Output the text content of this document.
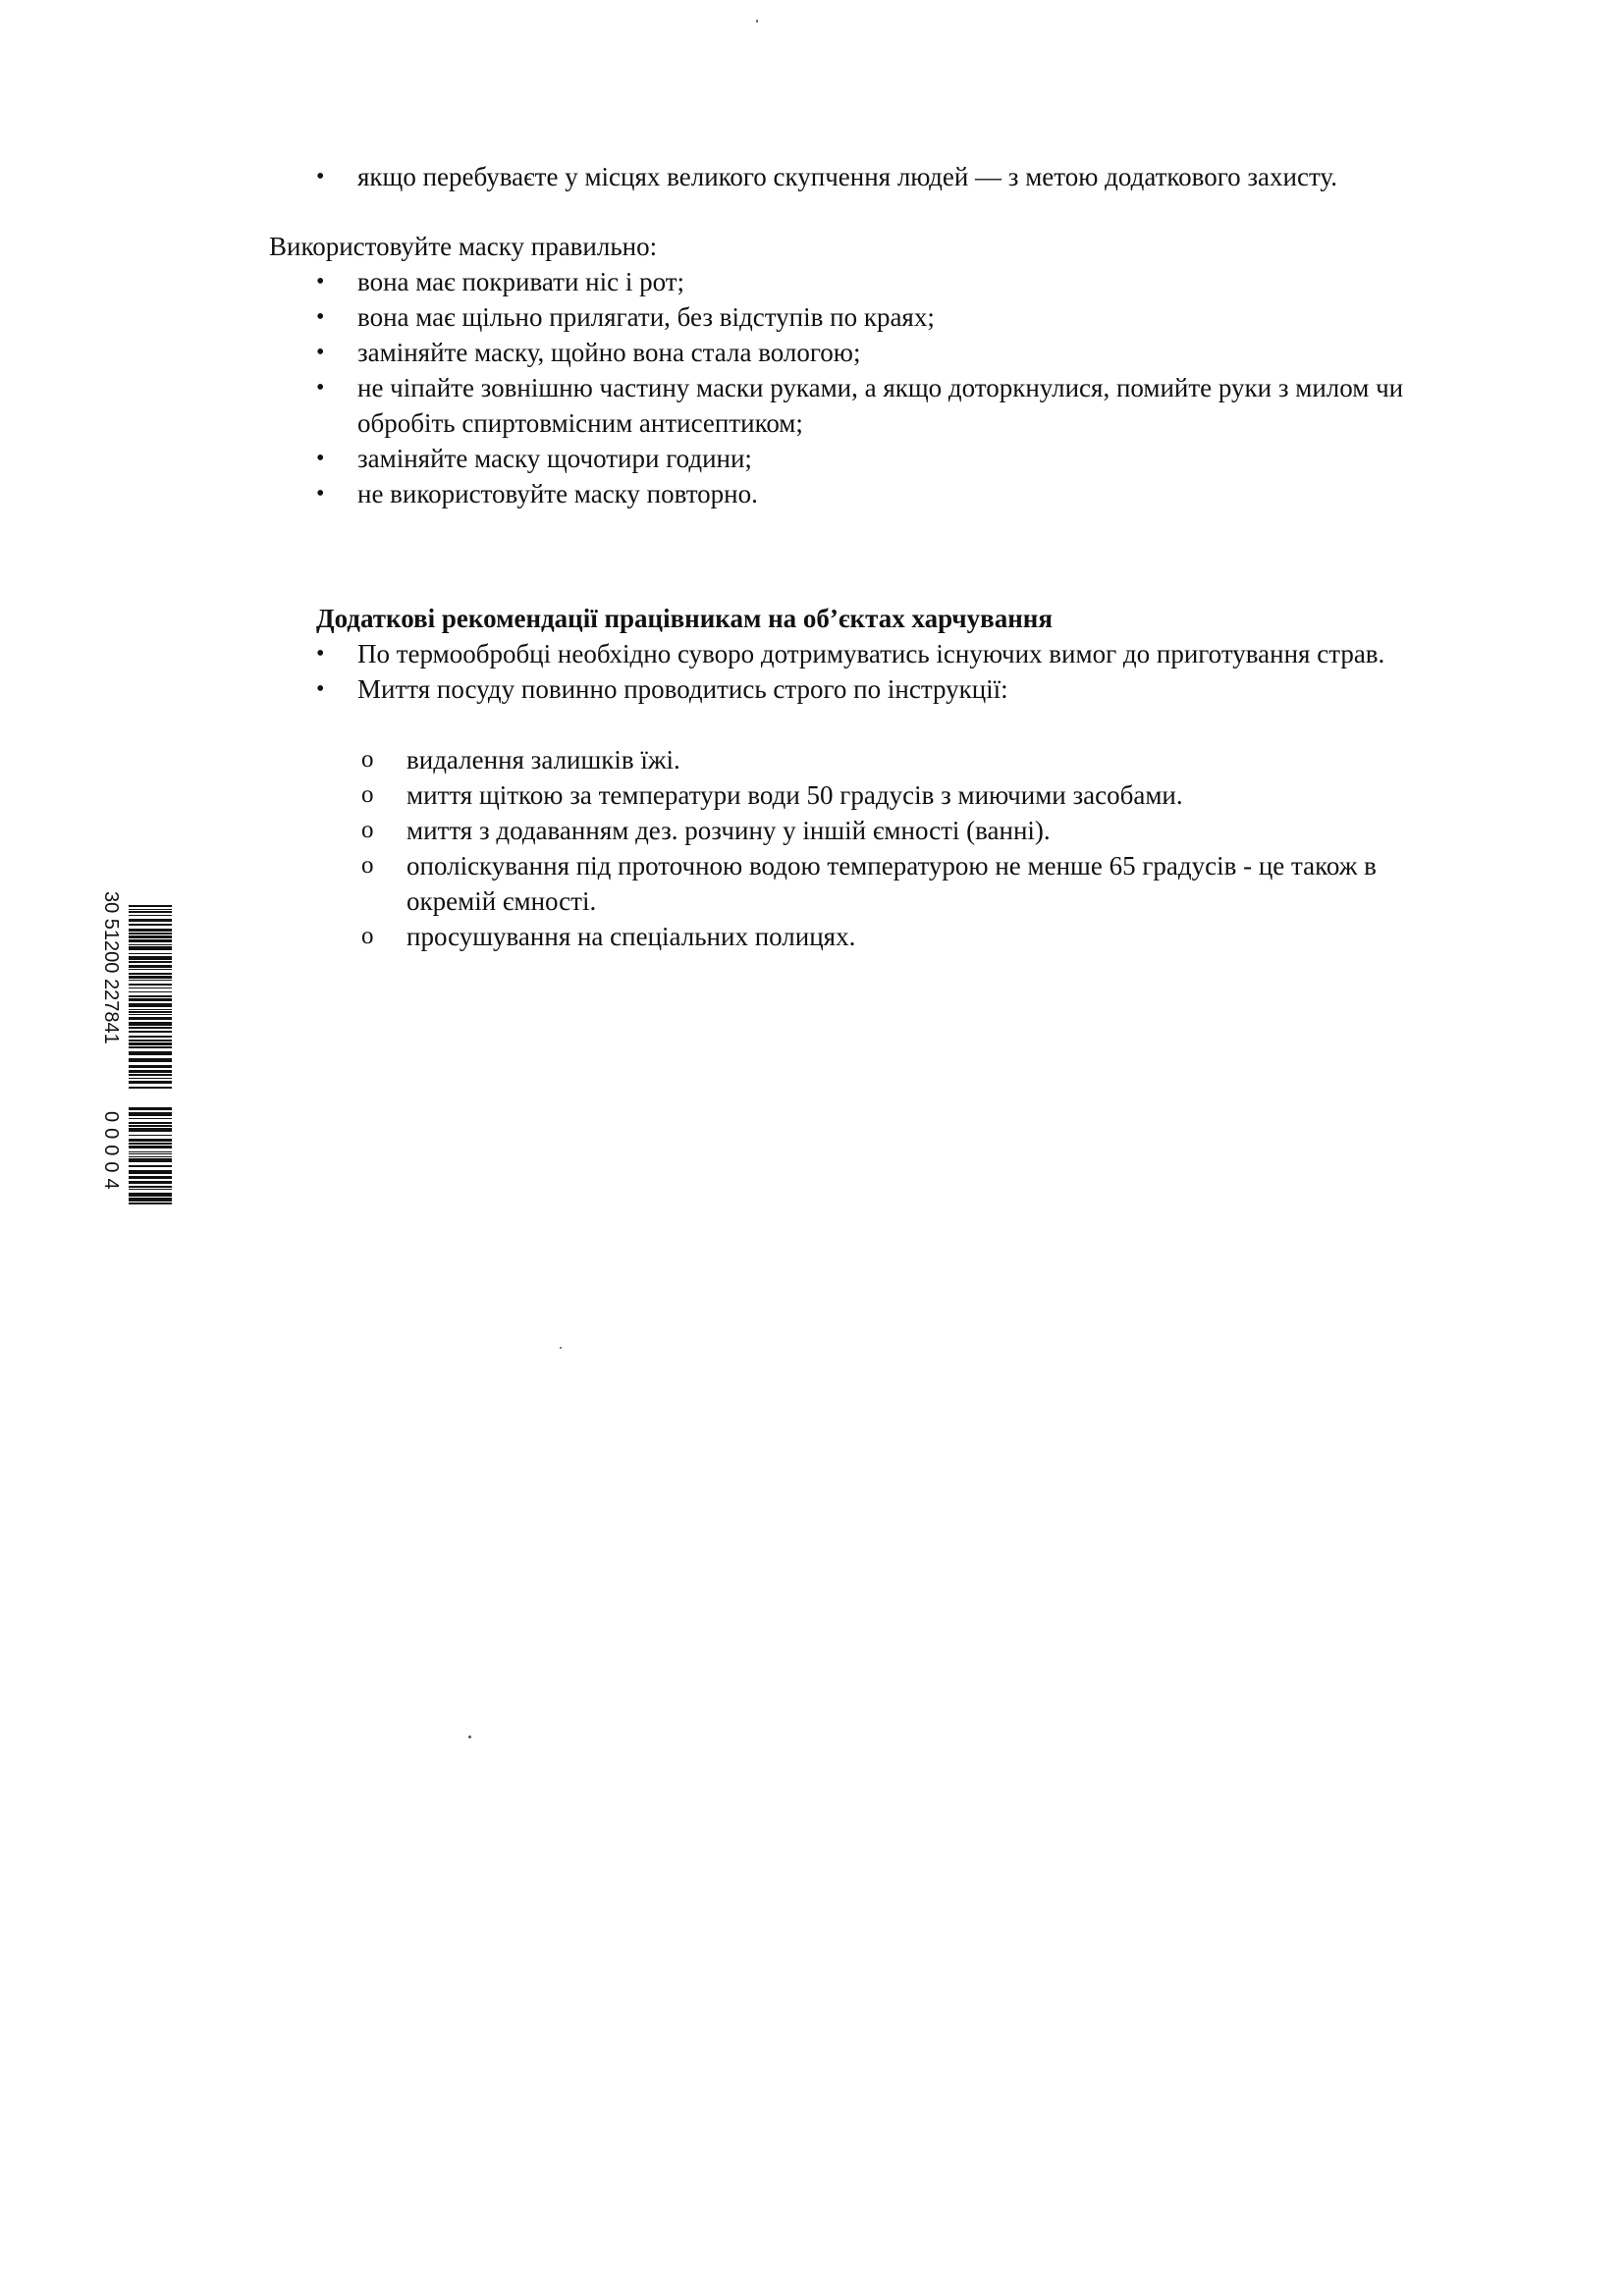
• якщо перебуваєте у місцях великого скупчення людей — з метою додаткового захисту.
Використовуйте маску правильно:
• вона має покривати ніс і рот;
• вона має щільно прилягати, без відступів по краях;
• заміняйте маску, щойно вона стала вологою;
• не чіпайте зовнішню частину маски руками, а якщо доторкнулися, помийте руки з милом чи обробіть спиртовмісним антисептиком;
• заміняйте маску щочотири години;
• не використовуйте маску повторно.
Додаткові рекомендації працівникам на об’єктах харчування
• По термообробці необхідно суворо дотримуватись існуючих вимог до приготування страв.
• Миття посуду повинно проводитись строго по інструкції:
o видалення залишків їжі.
o миття щіткою за температури води 50 градусів з миючими засобами.
o миття з додаванням дез. розчину у іншій ємності (ванні).
o ополіскування під проточною водою температурою не менше 65 градусів - це також в окремій ємності.
o просушування на спеціальних полицях.
30 51200 227841
00004
